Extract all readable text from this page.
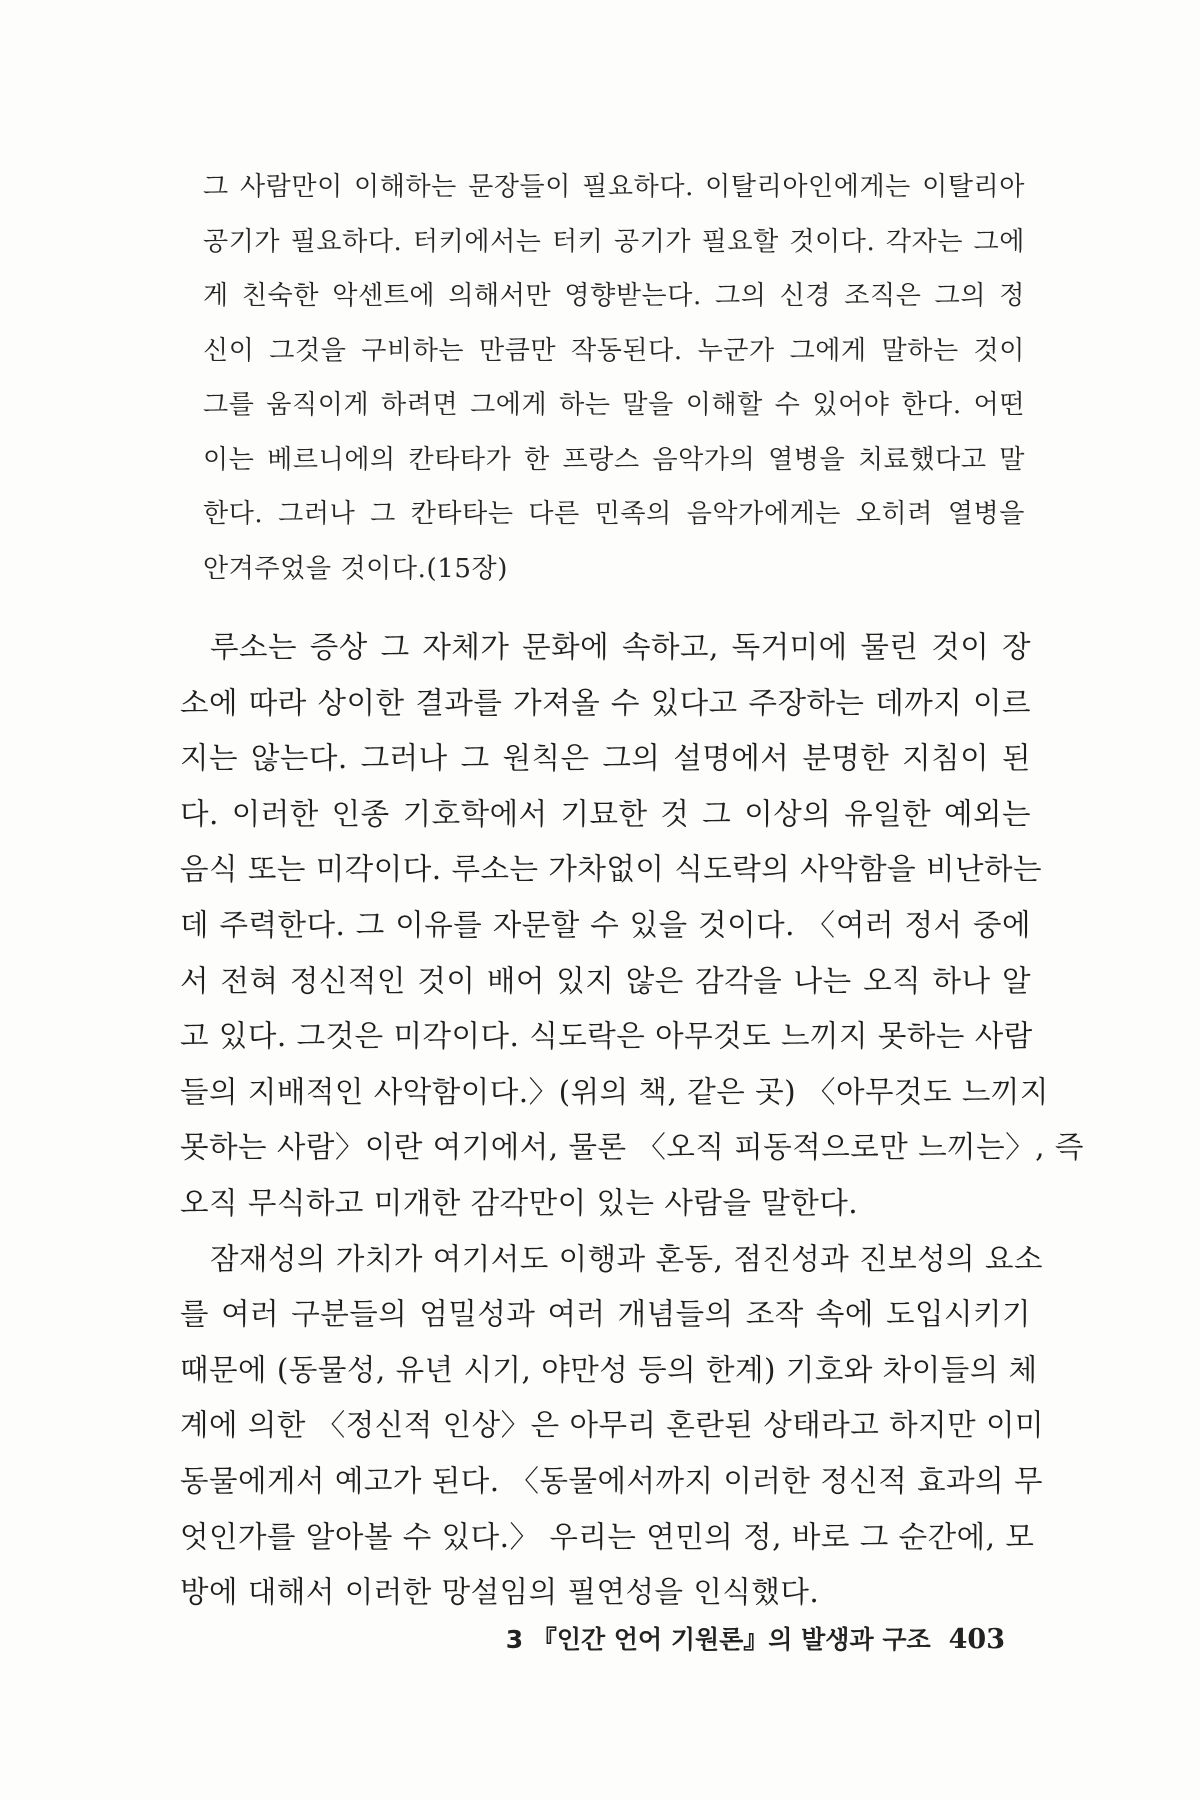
그 사람만이 이해하는 문장들이 필요하다. 이탈리아인에게는 이탈리아
공기가 필요하다. 터키에서는 터키 공기가 필요할 것이다. 각자는 그에
게 친숙한 악센트에 의해서만 영향받는다. 그의 신경 조직은 그의 정
신이 그것을 구비하는 만큼만 작동된다. 누군가 그에게 말하는 것이
그를 움직이게 하려면 그에게 하는 말을 이해할 수 있어야 한다. 어떤
이는 베르니에의 칸타타가 한 프랑스 음악가의 열병을 치료했다고 말
한다. 그러나 그 칸타타는 다른 민족의 음악가에게는 오히려 열병을
안겨주었을 것이다.(15장)
루소는 증상 그 자체가 문화에 속하고, 독거미에 물린 것이 장
소에 따라 상이한 결과를 가져올 수 있다고 주장하는 데까지 이르
지는 않는다. 그러나 그 원칙은 그의 설명에서 분명한 지침이 된
다. 이러한 인종 기호학에서 기묘한 것 그 이상의 유일한 예외는
음식 또는 미각이다. 루소는 가차없이 식도락의 사악함을 비난하는
데 주력한다. 그 이유를 자문할 수 있을 것이다. 〈여러 정서 중에
서 전혀 정신적인 것이 배어 있지 않은 감각을 나는 오직 하나 알
고 있다. 그것은 미각이다. 식도락은 아무것도 느끼지 못하는 사람
들의 지배적인 사악함이다.〉(위의 책, 같은 곳) 〈아무것도 느끼지
못하는 사람〉이란 여기에서, 물론 〈오직 피동적으로만 느끼는〉, 즉
오직 무식하고 미개한 감각만이 있는 사람을 말한다.
잠재성의 가치가 여기서도 이행과 혼동, 점진성과 진보성의 요소
를 여러 구분들의 엄밀성과 여러 개념들의 조작 속에 도입시키기
때문에 (동물성, 유년 시기, 야만성 등의 한계) 기호와 차이들의 체
계에 의한 〈정신적 인상〉은 아무리 혼란된 상태라고 하지만 이미
동물에게서 예고가 된다. 〈동물에서까지 이러한 정신적 효과의 무
엇인가를 알아볼 수 있다.〉 우리는 연민의 정, 바로 그 순간에, 모
방에 대해서 이러한 망설임의 필연성을 인식했다.
3 『인간 언어 기원론』의 발생과 구조 403
